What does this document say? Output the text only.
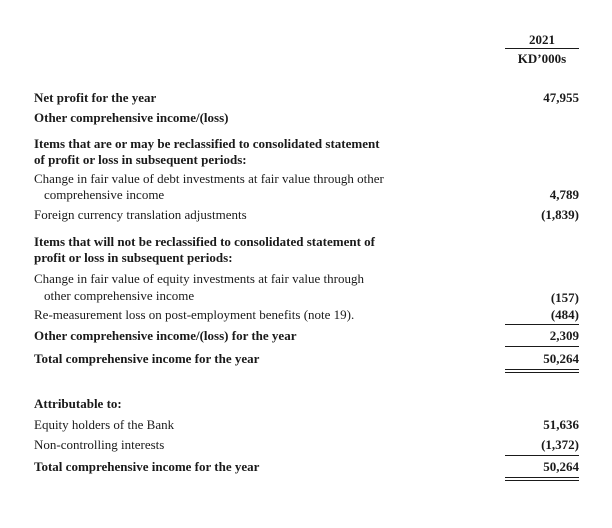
2021
KD’000s
Net profit for the year	47,955
Other comprehensive income/(loss)
Items that are or may be reclassified to consolidated statement
of profit or loss in subsequent periods:
Change in fair value of debt investments at fair value through other
comprehensive income	4,789
Foreign currency translation adjustments	(1,839)
Items that will not be reclassified to consolidated statement of
profit or loss in subsequent periods:
Change in fair value of equity investments at fair value through
other comprehensive income	(157)
Re-measurement loss on post-employment benefits (note 19).	(484)
Other comprehensive income/(loss) for the year	2,309
Total comprehensive income for the year	50,264
Attributable to:
Equity holders of the Bank	51,636
Non-controlling interests	(1,372)
Total comprehensive income for the year	50,264
